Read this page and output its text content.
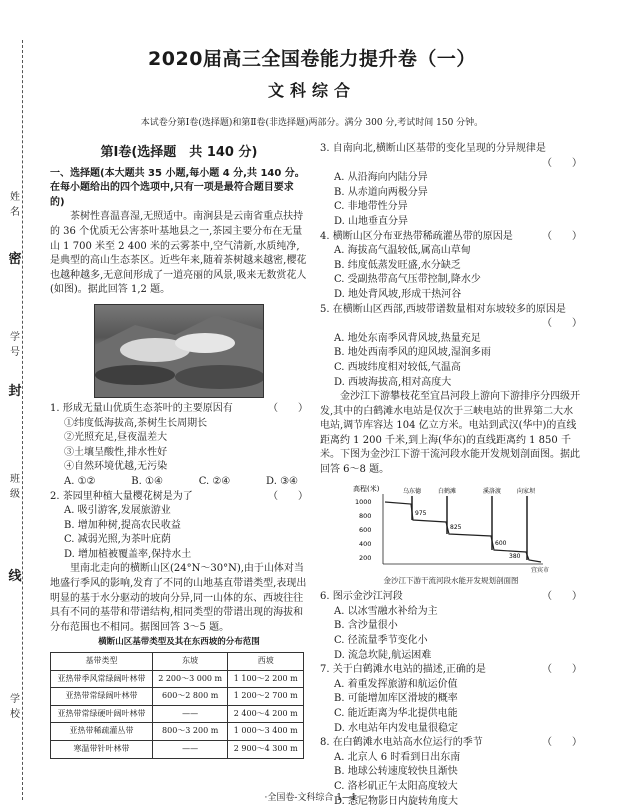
姓名
密
学号
封
班级
线
学校
2020届高三全国卷能力提升卷（一）
文科综合
本试卷分第Ⅰ卷(选择题)和第Ⅱ卷(非选择题)两部分。满分 300 分,考试时间 150 分钟。
第Ⅰ卷(选择题　共 140 分)
一、选择题(本大题共 35 小题,每小题 4 分,共 140 分。在每小题给出的四个选项中,只有一项是最符合题目要求的)
茶树性喜温喜湿,无照适中。南涧县是云南省重点扶持的 36 个优质无公害茶叶基地县之一,茶园主要分布在无量山 1 700 米至 2 400 米的云雾茶中,空气清新,水质纯净,是典型的高山生态茶区。近些年来,随着茶树越来越密,樱花也越种越多,无意间形成了一道亮丽的风景,吸来无数赏花人(如图)。据此回答 1,2 题。
1. 形成无量山优质生态茶叶的主要原因有	（　　）
①纬度低海拔高,茶树生长周期长
②光照充足,昼夜温差大
③土壤呈酸性,排水性好
④自然环境优越,无污染
A. ①②	B. ①④	C. ②④	D. ③④
2. 茶园里种植大量樱花树是为了	（　　）
A. 吸引游客,发展旅游业
B. 增加种树,提高农民收益
C. 减弱光照,为茶叶庇荫
D. 增加植被覆盖率,保持水土
里南北走向的横断山区(24°N～30°N),由于山体对当地盛行季风的影响,发育了不同的山地基直带谱类型,表现出明显的基于水分驱动的坡向分异,同一山体的东、西坡往往具有不同的基带和带谱结构,相同类型的带谱出现的海拔和分布范围也不相同。据图回答 3～5 题。
横断山区基带类型及其在东西坡的分布范围
基带类型	东坡	西坡
亚热带季风常绿阔叶林带	2 200～3 000 m	1 100～2 200 m
亚热带常绿阔叶林带	600～2 800 m	1 200～2 700 m
亚热带常绿硬叶阔叶林带	——	2 400～4 200 m
亚热带稀疏灌丛带	800～3 200 m	1 000～3 400 m
寒温带针叶林带	——	2 900～4 300 m
3. 自南向北,横断山区基带的变化呈现的分异规律是
（　　）
A. 从沿海向内陆分异
B. 从赤道向两极分异
C. 非地带性分异
D. 山地垂直分异
4. 横断山区分布亚热带稀疏灌丛带的原因是	（　　）
A. 海拔高气温较低,属高山草甸
B. 纬度低蒸发旺盛,水分缺乏
C. 受副热带高气压带控制,降水少
D. 地处背风坡,形成干热河谷
5. 在横断山区西部,西坡带谱数量相对东坡较多的原因是
（　　）
A. 地处东南季风背风坡,热量充足
B. 地处西南季风的迎风坡,湿润多雨
C. 西坡纬度相对较低,气温高
D. 西坡海拔高,相对高度大
金沙江下游攀枝花至宜昌河段上游向下游排序分四级开发,其中的白鹤滩水电站是仅次于三峡电站的世界第二大水电站,调节库容达 104 亿立方米。电站到武汉(华中)的直线距离约 1 200 千米,到上海(华东)的直线距离约 1 850 千米。下图为金沙江下游干流河段水能开发规划剖面图。据此回答 6～8 题。
高程(米)
1000
800
600
400
200
乌东德	白鹤滩	溪洛渡	向家坝
975
825
600
380
宜宾市
金沙江下游干流河段水能开发规划剖面图
6. 图示金沙江河段	（　　）
A. 以冰雪融水补给为主
B. 含沙量很小
C. 径流量季节变化小
D. 流急坎陡,航运困难
7. 关于白鹤滩水电站的描述,正确的是	（　　）
A. 着重发挥旅游和航运价值
B. 可能增加库区滑坡的概率
C. 能近距离为华北提供电能
D. 水电站年内发电量很稳定
8. 在白鹤滩水电站高水位运行的季节	（　　）
A. 北京人 6 时看到日出东南
B. 地球公转速度较快且渐快
C. 洛杉矶正午太阳高度较大
D. 悉尼物影日内旋转角度大
·全国卷-文科综合 1—1·
